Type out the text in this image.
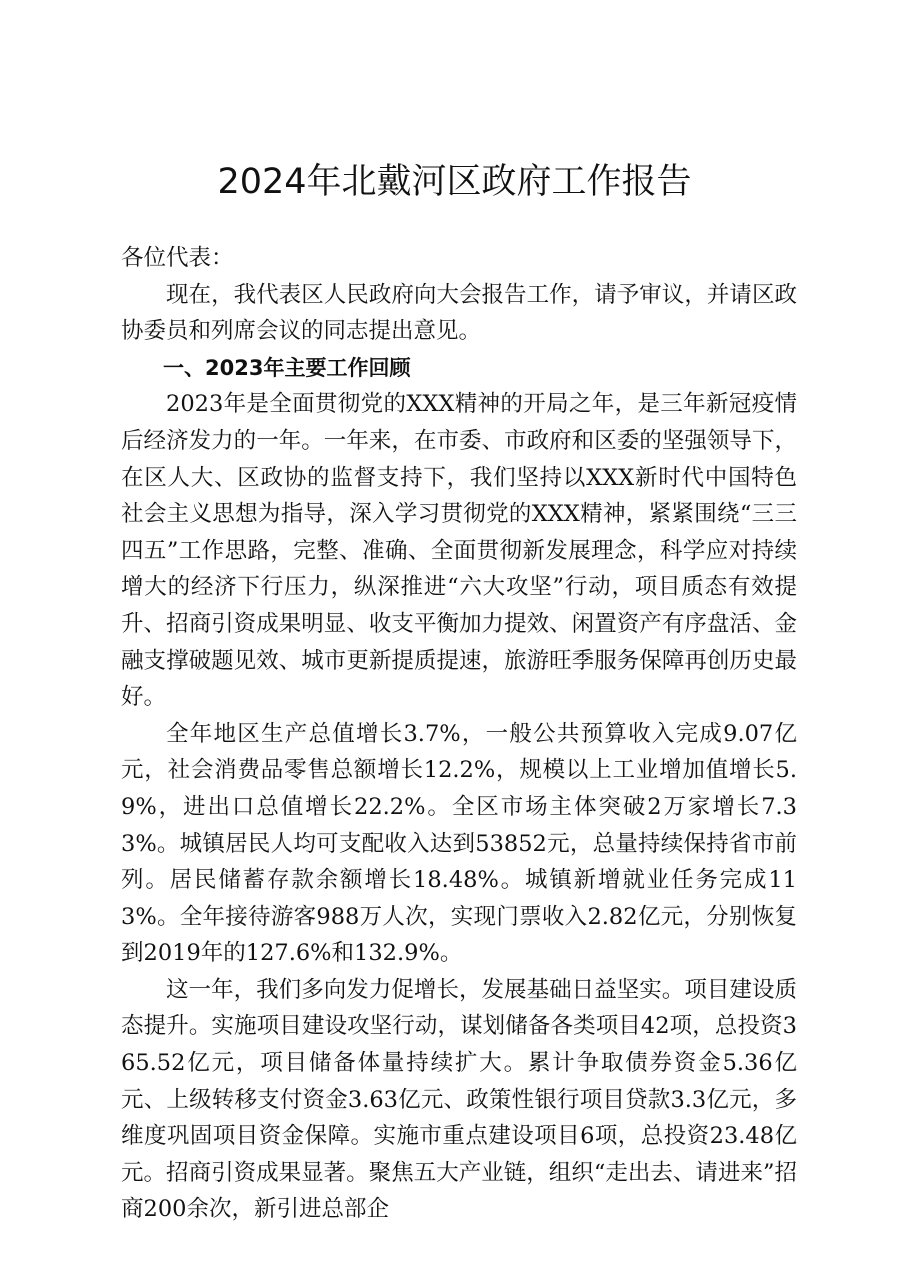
2024年北戴河区政府工作报告

各位代表：

现在，我代表区人民政府向大会报告工作，请予审议，并请区政协委员和列席会议的同志提出意见。

一、2023年主要工作回顾

2023年是全面贯彻党的XXX精神的开局之年，是三年新冠疫情后经济发力的一年。一年来，在市委、市政府和区委的坚强领导下，在区人大、区政协的监督支持下，我们坚持以XXX新时代中国特色社会主义思想为指导，深入学习贯彻党的XXX精神，紧紧围绕“三三四五”工作思路，完整、准确、全面贯彻新发展理念，科学应对持续增大的经济下行压力，纵深推进“六大攻坚”行动，项目质态有效提升、招商引资成果明显、收支平衡加力提效、闲置资产有序盘活、金融支撑破题见效、城市更新提质提速，旅游旺季服务保障再创历史最好。

全年地区生产总值增长3.7%，一般公共预算收入完成9.07亿元，社会消费品零售总额增长12.2%，规模以上工业增加值增长5.9%，进出口总值增长22.2%。全区市场主体突破2万家增长7.33%。城镇居民人均可支配收入达到53852元，总量持续保持省市前列。居民储蓄存款余额增长18.48%。城镇新增就业任务完成113%。全年接待游客988万人次，实现门票收入2.82亿元，分别恢复到2019年的127.6%和132.9%。

这一年，我们多向发力促增长，发展基础日益坚实。项目建设质态提升。实施项目建设攻坚行动，谋划储备各类项目42项，总投资365.52亿元，项目储备体量持续扩大。累计争取债券资金5.36亿元、上级转移支付资金3.63亿元、政策性银行项目贷款3.3亿元，多维度巩固项目资金保障。实施市重点建设项目6项，总投资23.48亿元。招商引资成果显著。聚焦五大产业链，组织“走出去、请进来”招商200余次，新引进总部企
